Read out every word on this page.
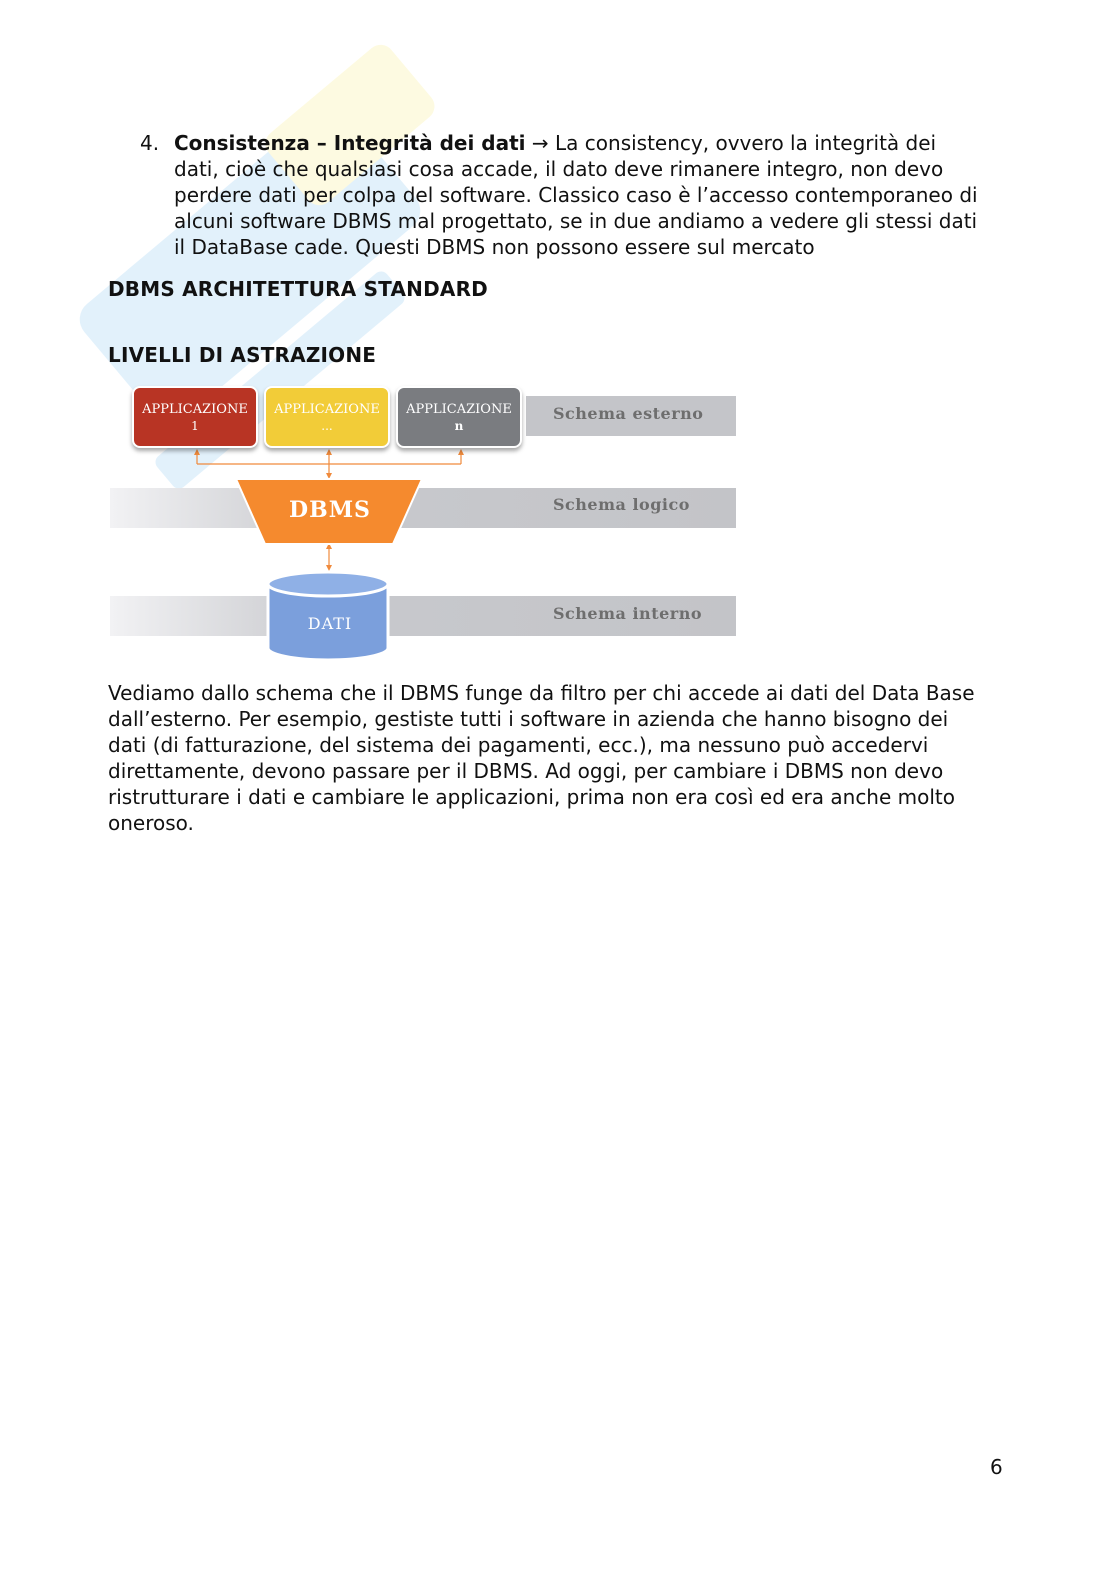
4. Consistenza – Integrità dei dati → La consistency, ovvero la integrità dei
dati, cioè che qualsiasi cosa accade, il dato deve rimanere integro, non devo
perdere dati per colpa del software. Classico caso è l’accesso contemporaneo di
alcuni software DBMS mal progettato, se in due andiamo a vedere gli stessi dati
il DataBase cade. Questi DBMS non possono essere sul mercato
DBMS ARCHITETTURA STANDARD
LIVELLI DI ASTRAZIONE
APPLICAZIONE
1
APPLICAZIONE
...
APPLICAZIONE
n
DBMS
DATI
Schema esterno
Schema logico
Schema interno
Vediamo dallo schema che il DBMS funge da filtro per chi accede ai dati del Data Base
dall’esterno. Per esempio, gestiste tutti i software in azienda che hanno bisogno dei
dati (di fatturazione, del sistema dei pagamenti, ecc.), ma nessuno può accedervi
direttamente, devono passare per il DBMS. Ad oggi, per cambiare i DBMS non devo
ristrutturare i dati e cambiare le applicazioni, prima non era così ed era anche molto
oneroso.
6
